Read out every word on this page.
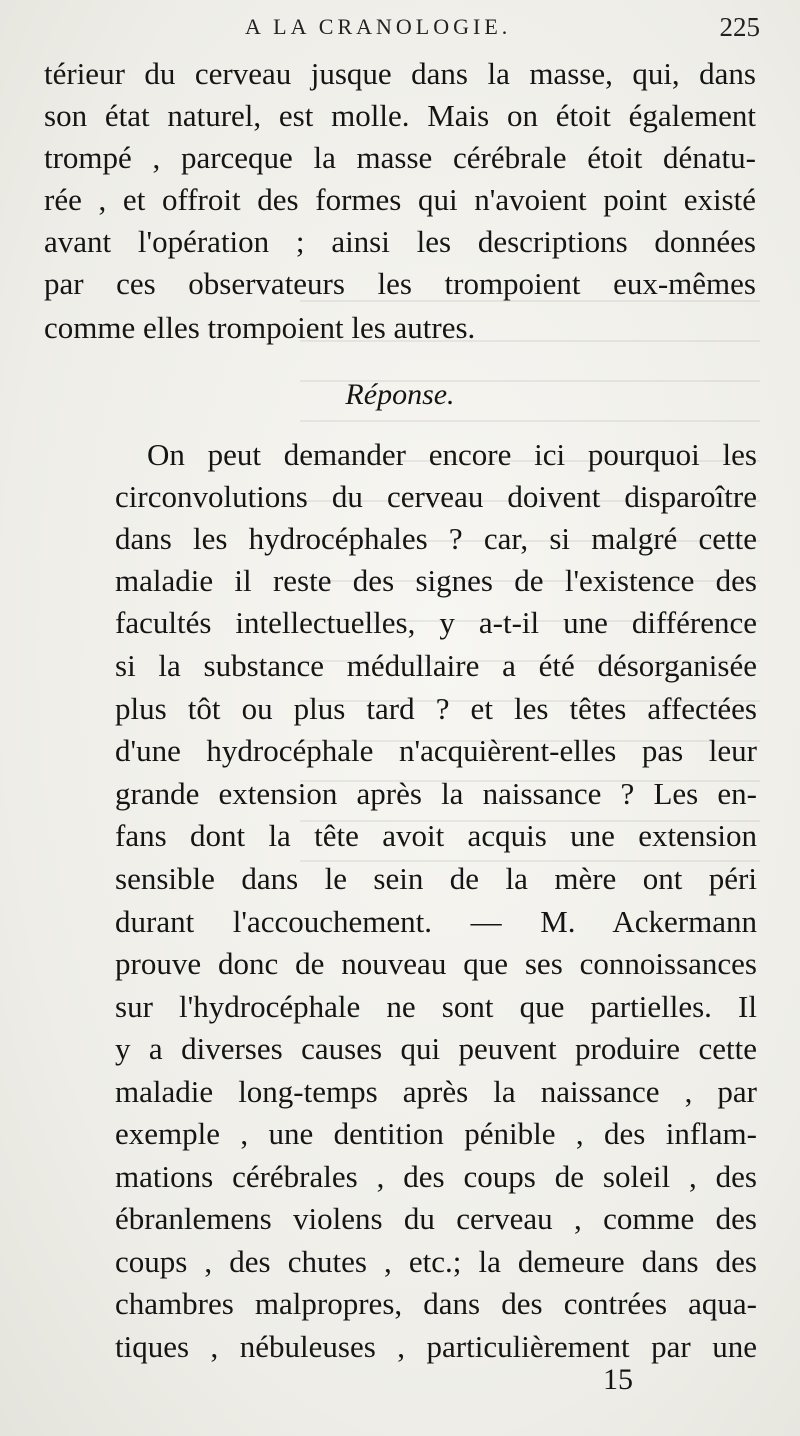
A LA CRANOLOGIE.	225
térieur du cerveau jusque dans la masse, qui, dans
son état naturel, est molle. Mais on étoit également
trompé , parceque la masse cérébrale étoit dénatu-
rée , et offroit des formes qui n'avoient point existé
avant l'opération ; ainsi les descriptions données
par ces observateurs les trompoient eux-mêmes
comme elles trompoient les autres.
Réponse.
On peut demander encore ici pourquoi les
circonvolutions du cerveau doivent disparoître
dans les hydrocéphales ? car, si malgré cette
maladie il reste des signes de l'existence des
facultés intellectuelles, y a-t-il une différence
si la substance médullaire a été désorganisée
plus tôt ou plus tard ? et les têtes affectées
d'une hydrocéphale n'acquièrent-elles pas leur
grande extension après la naissance ? Les en-
fans dont la tête avoit acquis une extension
sensible dans le sein de la mère ont péri
durant l'accouchement. — M. Ackermann
prouve donc de nouveau que ses connoissances
sur l'hydrocéphale ne sont que partielles. Il
y a diverses causes qui peuvent produire cette
maladie long-temps après la naissance , par
exemple , une dentition pénible , des inflam-
mations cérébrales , des coups de soleil , des
ébranlemens violens du cerveau , comme des
coups , des chutes , etc.; la demeure dans des
chambres malpropres, dans des contrées aqua-
tiques , nébuleuses , particulièrement par une
15
